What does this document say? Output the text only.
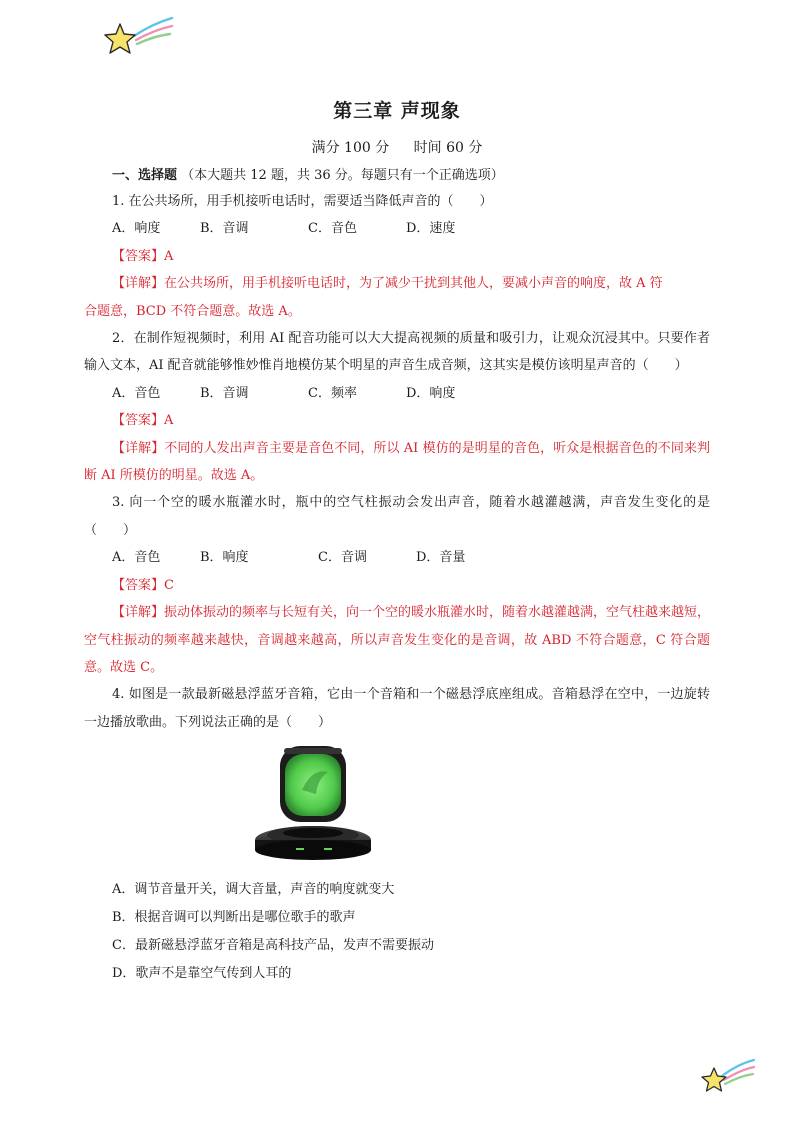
第三章 声现象
满分 100 分 时间 60 分
一、选择题 （本大题共 12 题，共 36 分。每题只有一个正确选项）
1. 在公共场所，用手机接听电话时，需要适当降低声音的（　　）
A．响度	B．音调	C．音色	D．速度
【答案】A
【详解】在公共场所，用手机接听电话时，为了减少干扰到其他人，要减小声音的响度，故 A 符
合题意，BCD 不符合题意。故选 A。
2．在制作短视频时，利用 AI 配音功能可以大大提高视频的质量和吸引力，让观众沉浸其中。只要作者输入文本，AI 配音就能够惟妙惟肖地模仿某个明星的声音生成音频，这其实是模仿该明星声音的（　　）
A．音色	B．音调	C．频率	D．响度
【答案】A
【详解】不同的人发出声音主要是音色不同，所以 AI 模仿的是明星的音色，听众是根据音色的不同来判断 AI 所模仿的明星。故选 A。
3. 向一个空的暖水瓶灌水时，瓶中的空气柱振动会发出声音，随着水越灌越满，声音发生变化的是（　　）
A．音色	B．响度	C．音调	D．音量
【答案】C
【详解】振动体振动的频率与长短有关，向一个空的暖水瓶灌水时，随着水越灌越满，空气柱越来越短，空气柱振动的频率越来越快，音调越来越高，所以声音发生变化的是音调，故 ABD 不符合题意，C 符合题意。故选 C。
4. 如图是一款最新磁悬浮蓝牙音箱，它由一个音箱和一个磁悬浮底座组成。音箱悬浮在空中，一边旋转一边播放歌曲。下列说法正确的是（　　）
A．调节音量开关，调大音量，声音的响度就变大
B．根据音调可以判断出是哪位歌手的歌声
C．最新磁悬浮蓝牙音箱是高科技产品，发声不需要振动
D．歌声不是靠空气传到人耳的
